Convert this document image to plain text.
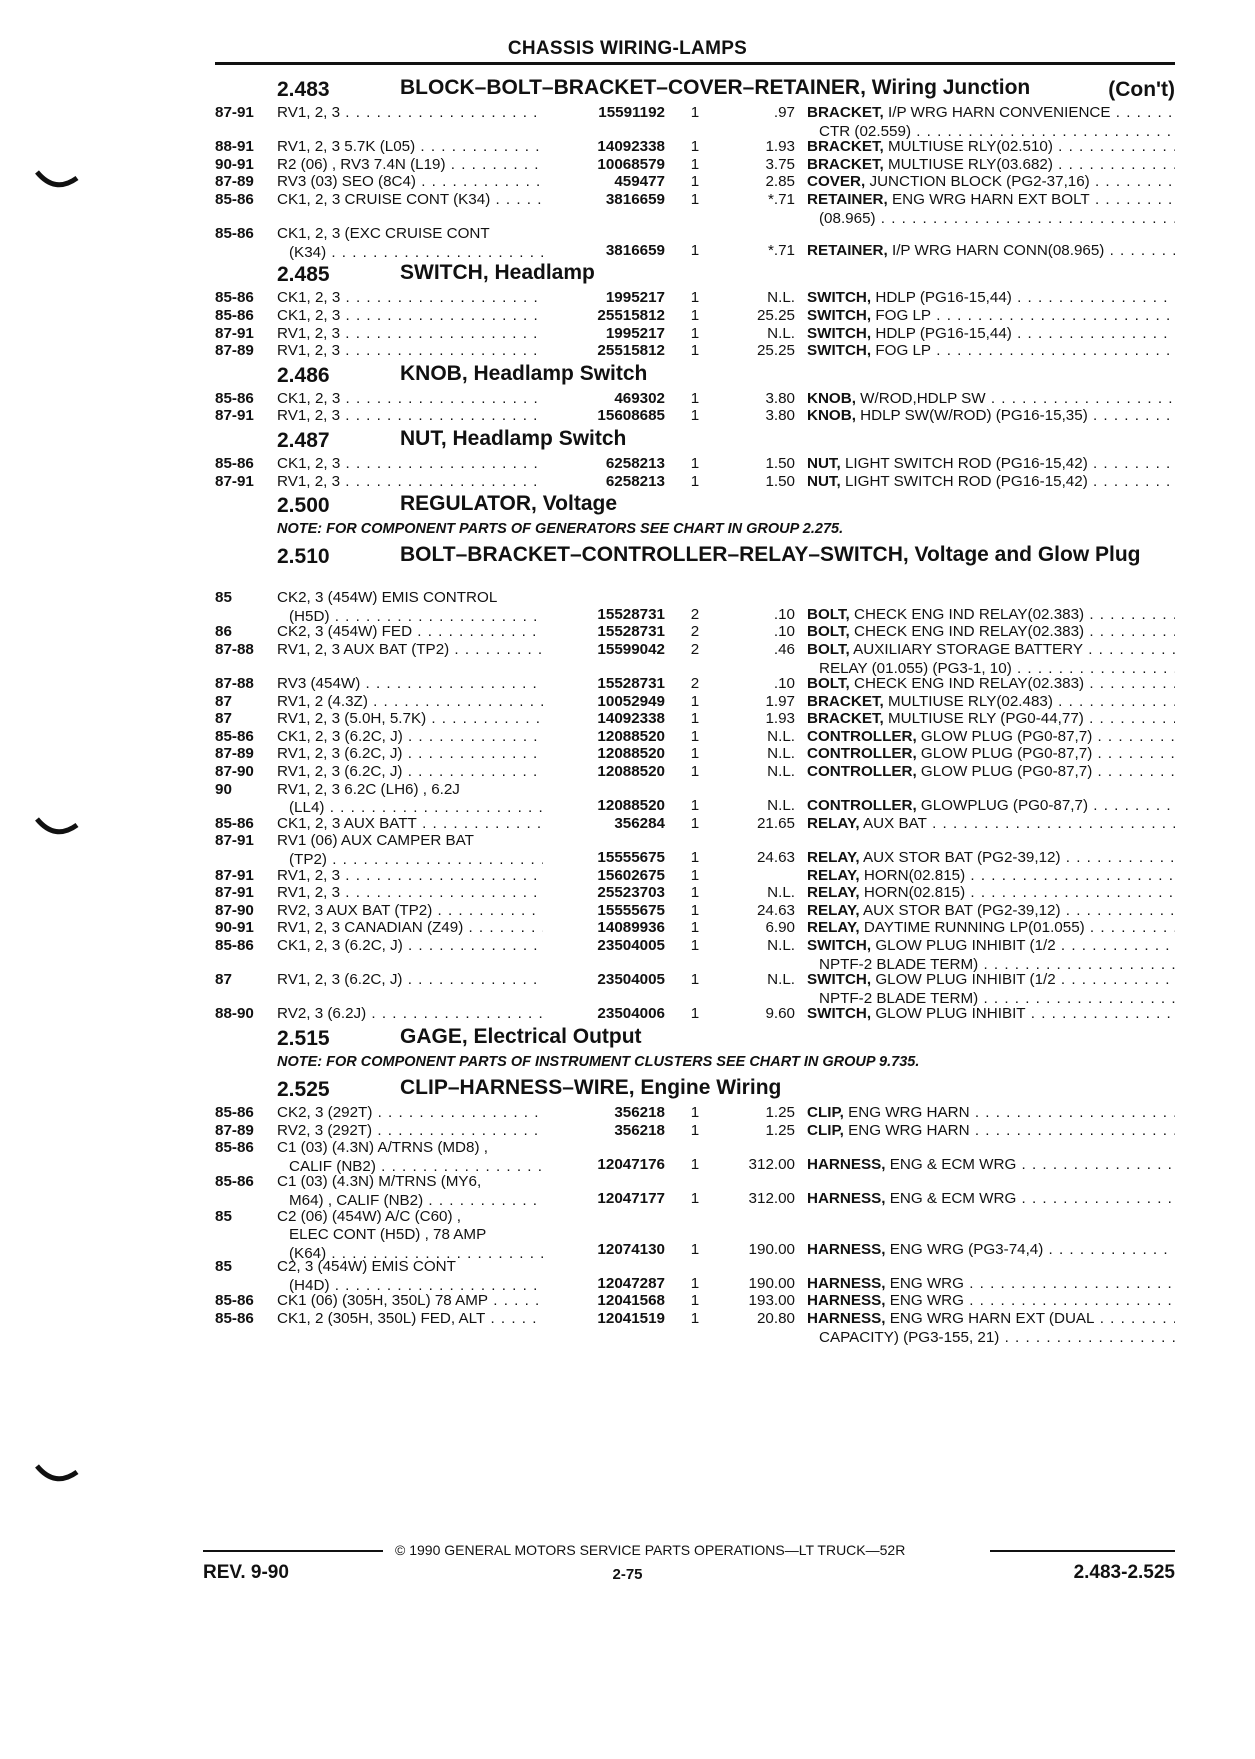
CHASSIS WIRING-LAMPS
2.483	BLOCK–BOLT–BRACKET–COVER–RETAINER, Wiring Junction	(Con't)
87-91	RV1, 2, 3 . . .	15591192	1	.97 BRACKET, I/P WRG HARN CONVENIENCE . . .
CTR (02.559) . . .
88-91	RV1, 2, 3 5.7K (L05) . . .	14092338	1	1.93 BRACKET, MULTIUSE RLY(02.510) . . .
90-91	R2 (06) , RV3 7.4N (L19) . . .	10068579	1	3.75 BRACKET, MULTIUSE RLY(03.682) . . .
87-89	RV3 (03) SEO (8C4) . . .	459477	1	2.85 COVER, JUNCTION BLOCK (PG2-37,16) . . .
85-86	CK1, 2, 3 CRUISE CONT (K34) . . .	3816659	1	*.71 RETAINER, ENG WRG HARN EXT BOLT . . .
(08.965) . . .
85-86	CK1, 2, 3 (EXC CRUISE CONT
(K34) . . .	3816659	1	*.71 RETAINER, I/P WRG HARN CONN(08.965) . . .
2.485	SWITCH, Headlamp
85-86	CK1, 2, 3 . . .	1995217	1	N.L. SWITCH, HDLP (PG16-15,44) . . .
85-86	CK1, 2, 3 . . .	25515812	1	25.25 SWITCH, FOG LP . . .
87-91	RV1, 2, 3 . . .	1995217	1	N.L. SWITCH, HDLP (PG16-15,44) . . .
87-89	RV1, 2, 3 . . .	25515812	1	25.25 SWITCH, FOG LP . . .
2.486	KNOB, Headlamp Switch
85-86	CK1, 2, 3 . . .	469302	1	3.80 KNOB, W/ROD,HDLP SW . . .
87-91	RV1, 2, 3 . . .	15608685	1	3.80 KNOB, HDLP SW(W/ROD) (PG16-15,35) . . .
2.487	NUT, Headlamp Switch
85-86	CK1, 2, 3 . . .	6258213	1	1.50 NUT, LIGHT SWITCH ROD (PG16-15,42) . . .
87-91	RV1, 2, 3 . . .	6258213	1	1.50 NUT, LIGHT SWITCH ROD (PG16-15,42) . . .
2.500	REGULATOR, Voltage
NOTE: FOR COMPONENT PARTS OF GENERATORS SEE CHART IN GROUP 2.275.
2.510	BOLT–BRACKET–CONTROLLER–RELAY–SWITCH, Voltage and Glow Plug
85	CK2, 3 (454W) EMIS CONTROL
(H5D) . . .	15528731	2	.10 BOLT, CHECK ENG IND RELAY(02.383) . . .
86	CK2, 3 (454W) FED . . .	15528731	2	.10 BOLT, CHECK ENG IND RELAY(02.383) . . .
87-88	RV1, 2, 3 AUX BAT (TP2) . . .	15599042	2	.46 BOLT, AUXILIARY STORAGE BATTERY . . .
RELAY (01.055) (PG3-1, 10) . . .
87-88	RV3 (454W) . . .	15528731	2	.10 BOLT, CHECK ENG IND RELAY(02.383) . . .
87	RV1, 2 (4.3Z) . . .	10052949	1	1.97 BRACKET, MULTIUSE RLY(02.483) . . .
87	RV1, 2, 3 (5.0H, 5.7K) . . .	14092338	1	1.93 BRACKET, MULTIUSE RLY (PG0-44,77) . . .
85-86	CK1, 2, 3 (6.2C, J) . . .	12088520	1	N.L. CONTROLLER, GLOW PLUG (PG0-87,7) . . .
87-89	RV1, 2, 3 (6.2C, J) . . .	12088520	1	N.L. CONTROLLER, GLOW PLUG (PG0-87,7) . . .
87-90	RV1, 2, 3 (6.2C, J) . . .	12088520	1	N.L. CONTROLLER, GLOW PLUG (PG0-87,7) . . .
90	RV1, 2, 3 6.2C (LH6) , 6.2J
(LL4) . . .	12088520	1	N.L. CONTROLLER, GLOWPLUG (PG0-87,7) . . .
85-86	CK1, 2, 3 AUX BATT . . .	356284	1	21.65 RELAY, AUX BAT . . .
87-91	RV1 (06) AUX CAMPER BAT
(TP2) . . .	15555675	1	24.63 RELAY, AUX STOR BAT (PG2-39,12) . . .
87-91	RV1, 2, 3 . . .	15602675	1	RELAY, HORN(02.815) . . .
87-91	RV1, 2, 3 . . .	25523703	1	N.L. RELAY, HORN(02.815) . . .
87-90	RV2, 3 AUX BAT (TP2) . . .	15555675	1	24.63 RELAY, AUX STOR BAT (PG2-39,12) . . .
90-91	RV1, 2, 3 CANADIAN (Z49) . . .	14089936	1	6.90 RELAY, DAYTIME RUNNING LP(01.055) . . .
85-86	CK1, 2, 3 (6.2C, J) . . .	23504005	1	N.L. SWITCH, GLOW PLUG INHIBIT (1/2 . . .
NPTF-2 BLADE TERM) . . .
87	RV1, 2, 3 (6.2C, J) . . .	23504005	1	N.L. SWITCH, GLOW PLUG INHIBIT (1/2 . . .
NPTF-2 BLADE TERM) . . .
88-90	RV2, 3 (6.2J) . . .	23504006	1	9.60 SWITCH, GLOW PLUG INHIBIT . . .
2.515	GAGE, Electrical Output
NOTE: FOR COMPONENT PARTS OF INSTRUMENT CLUSTERS SEE CHART IN GROUP 9.735.
2.525	CLIP–HARNESS–WIRE, Engine Wiring
85-86	CK2, 3 (292T) . . .	356218	1	1.25 CLIP, ENG WRG HARN . . .
87-89	RV2, 3 (292T) . . .	356218	1	1.25 CLIP, ENG WRG HARN . . .
85-86	C1 (03) (4.3N) A/TRNS (MD8) ,
CALIF (NB2) . . .	12047176	1	312.00 HARNESS, ENG & ECM WRG . . .
85-86	C1 (03) (4.3N) M/TRNS (MY6,
M64) , CALIF (NB2) . . .	12047177	1	312.00 HARNESS, ENG & ECM WRG . . .
85	C2 (06) (454W) A/C (C60) ,
ELEC CONT (H5D) , 78 AMP
(K64) . . .	12074130	1	190.00 HARNESS, ENG WRG (PG3-74,4) . . .
85	C2, 3 (454W) EMIS CONT
(H4D) . . .	12047287	1	190.00 HARNESS, ENG WRG . . .
85-86	CK1 (06) (305H, 350L) 78 AMP . . .	12041568	1	193.00 HARNESS, ENG WRG . . .
85-86	CK1, 2 (305H, 350L) FED, ALT . . .	12041519	1	20.80 HARNESS, ENG WRG HARN EXT (DUAL . . .
CAPACITY) (PG3-155, 21) . . .
© 1990 GENERAL MOTORS SERVICE PARTS OPERATIONS—LT TRUCK—52R
REV. 9-90	2-75	2.483-2.525
